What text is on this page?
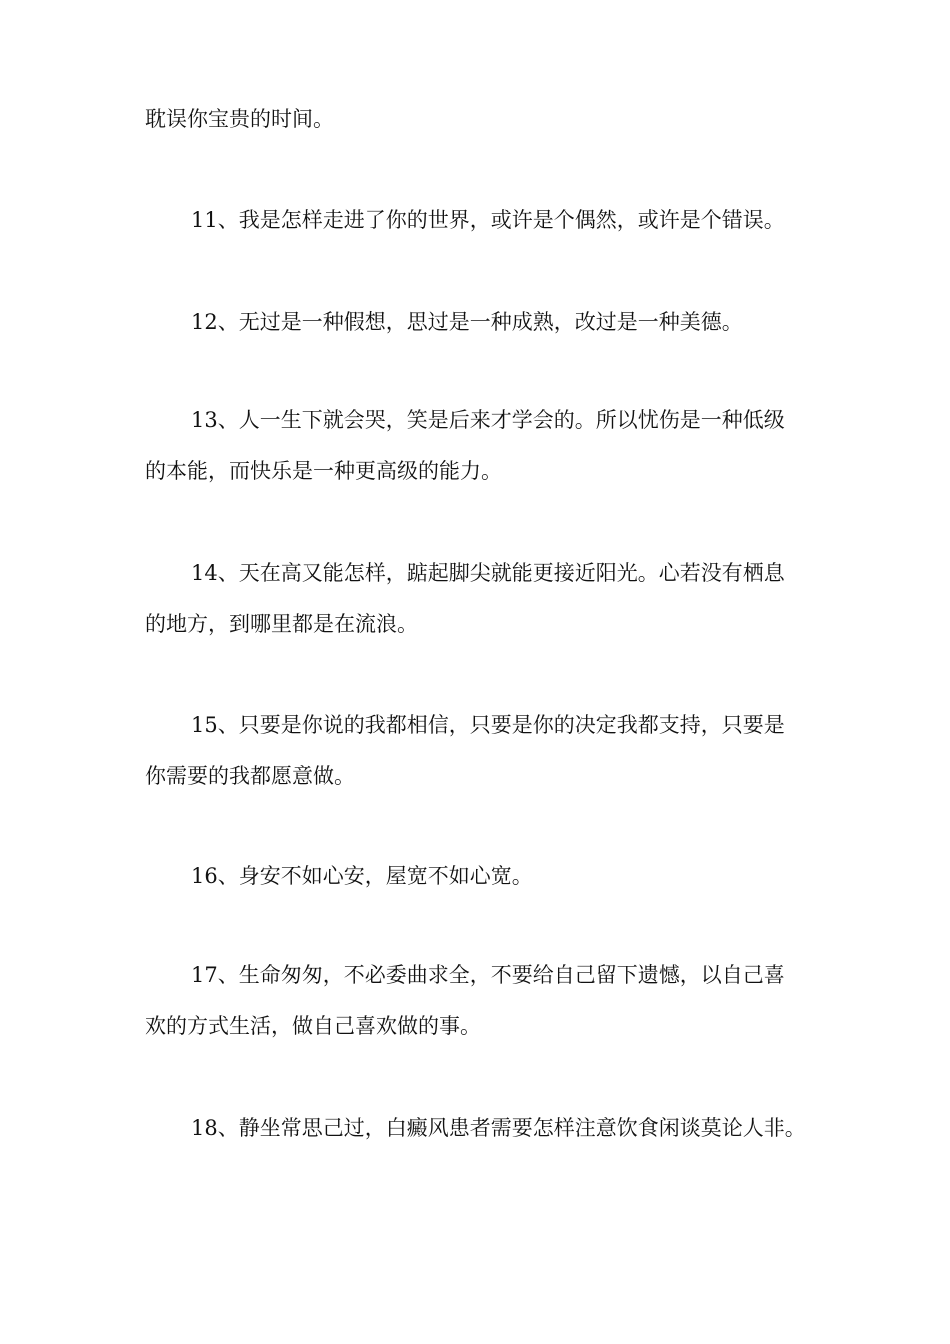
耽误你宝贵的时间。

11、我是怎样走进了你的世界，或许是个偶然，或许是个错误。

12、无过是一种假想，思过是一种成熟，改过是一种美德。

13、人一生下就会哭，笑是后来才学会的。所以忧伤是一种低级
的本能，而快乐是一种更高级的能力。

14、天在高又能怎样，踮起脚尖就能更接近阳光。心若没有栖息
的地方，到哪里都是在流浪。

15、只要是你说的我都相信，只要是你的决定我都支持，只要是
你需要的我都愿意做。

16、身安不如心安，屋宽不如心宽。

17、生命匆匆，不必委曲求全，不要给自己留下遗憾，以自己喜
欢的方式生活，做自己喜欢做的事。

18、静坐常思己过，白癜风患者需要怎样注意饮食闲谈莫论人非。
